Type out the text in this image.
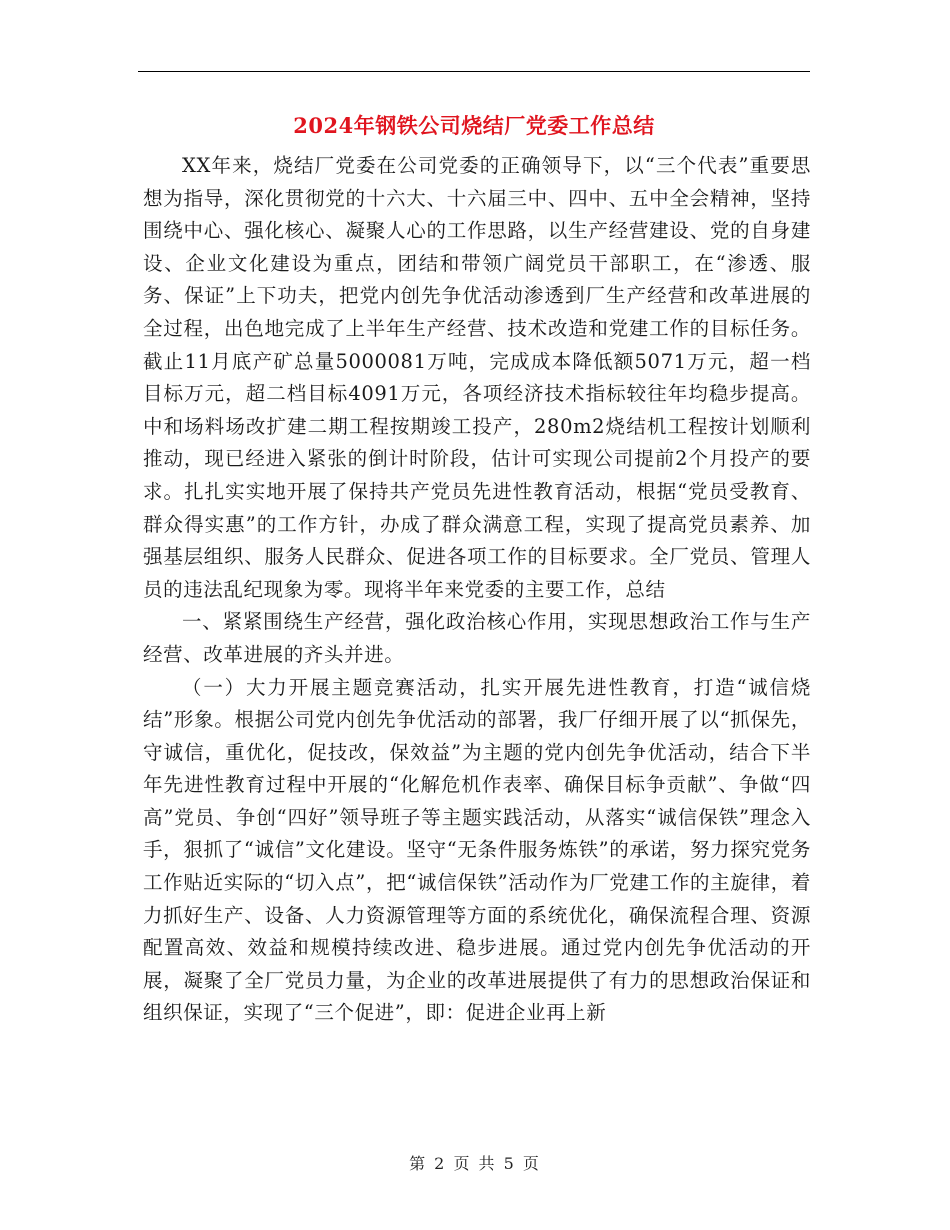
2024年钢铁公司烧结厂党委工作总结

XX年来，烧结厂党委在公司党委的正确领导下，以“三个代表”重要思想为指导，深化贯彻党的十六大、十六届三中、四中、五中全会精神，坚持围绕中心、强化核心、凝聚人心的工作思路，以生产经营建设、党的自身建设、企业文化建设为重点，团结和带领广阔党员干部职工，在“渗透、服务、保证”上下功夫，把党内创先争优活动渗透到厂生产经营和改革进展的全过程，出色地完成了上半年生产经营、技术改造和党建工作的目标任务。截止11月底产矿总量5000081万吨，完成成本降低额5071万元，超一档目标万元，超二档目标4091万元，各项经济技术指标较往年均稳步提高。中和场料场改扩建二期工程按期竣工投产，280m2烧结机工程按计划顺利推动，现已经进入紧张的倒计时阶段，估计可实现公司提前2个月投产的要求。扎扎实实地开展了保持共产党员先进性教育活动，根据“党员受教育、群众得实惠”的工作方针，办成了群众满意工程，实现了提高党员素养、加强基层组织、服务人民群众、促进各项工作的目标要求。全厂党员、管理人员的违法乱纪现象为零。现将半年来党委的主要工作，总结

一、紧紧围绕生产经营，强化政治核心作用，实现思想政治工作与生产经营、改革进展的齐头并进。

（一）大力开展主题竞赛活动，扎实开展先进性教育，打造“诚信烧结”形象。根据公司党内创先争优活动的部署，我厂仔细开展了以“抓保先，守诚信，重优化，促技改，保效益”为主题的党内创先争优活动，结合下半年先进性教育过程中开展的“化解危机作表率、确保目标争贡献”、争做“四高”党员、争创“四好”领导班子等主题实践活动，从落实“诚信保铁”理念入手，狠抓了“诚信”文化建设。坚守“无条件服务炼铁”的承诺，努力探究党务工作贴近实际的“切入点”，把“诚信保铁”活动作为厂党建工作的主旋律，着力抓好生产、设备、人力资源管理等方面的系统优化，确保流程合理、资源配置高效、效益和规模持续改进、稳步进展。通过党内创先争优活动的开展，凝聚了全厂党员力量，为企业的改革进展提供了有力的思想政治保证和组织保证，实现了“三个促进”，即：促进企业再上新

第 2 页 共 5 页
